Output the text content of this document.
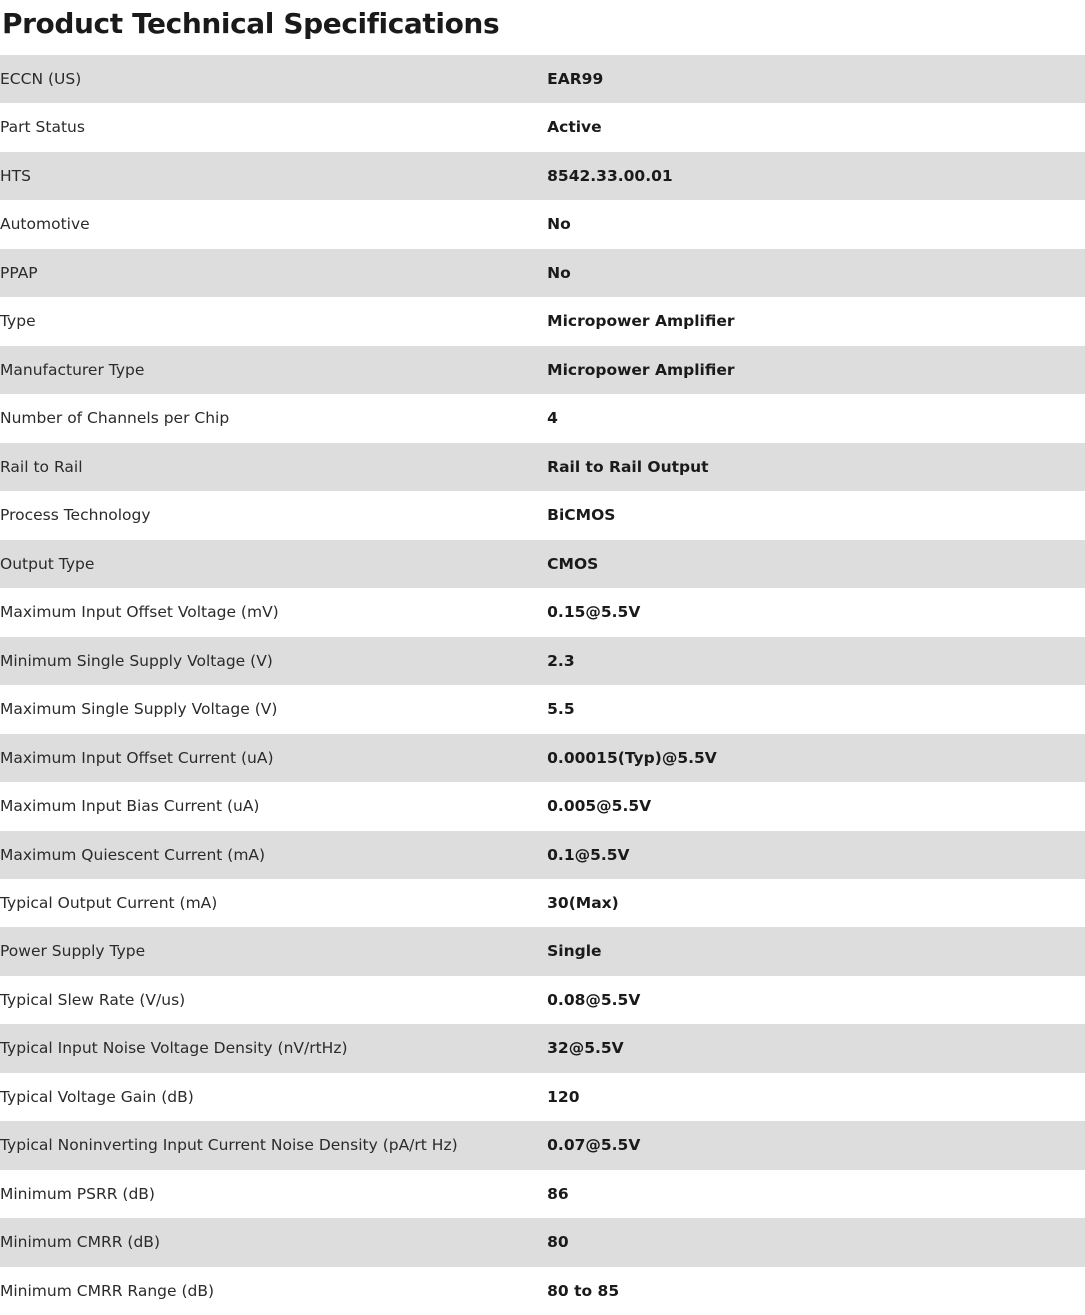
Product Technical Specifications
ECCN (US)	EAR99
Part Status	Active
HTS	8542.33.00.01
Automotive	No
PPAP	No
Type	Micropower Amplifier
Manufacturer Type	Micropower Amplifier
Number of Channels per Chip	4
Rail to Rail	Rail to Rail Output
Process Technology	BiCMOS
Output Type	CMOS
Maximum Input Offset Voltage (mV)	0.15@5.5V
Minimum Single Supply Voltage (V)	2.3
Maximum Single Supply Voltage (V)	5.5
Maximum Input Offset Current (uA)	0.00015(Typ)@5.5V
Maximum Input Bias Current (uA)	0.005@5.5V
Maximum Quiescent Current (mA)	0.1@5.5V
Typical Output Current (mA)	30(Max)
Power Supply Type	Single
Typical Slew Rate (V/us)	0.08@5.5V
Typical Input Noise Voltage Density (nV/rtHz)	32@5.5V
Typical Voltage Gain (dB)	120
Typical Noninverting Input Current Noise Density (pA/rt Hz)	0.07@5.5V
Minimum PSRR (dB)	86
Minimum CMRR (dB)	80
Minimum CMRR Range (dB)	80 to 85
